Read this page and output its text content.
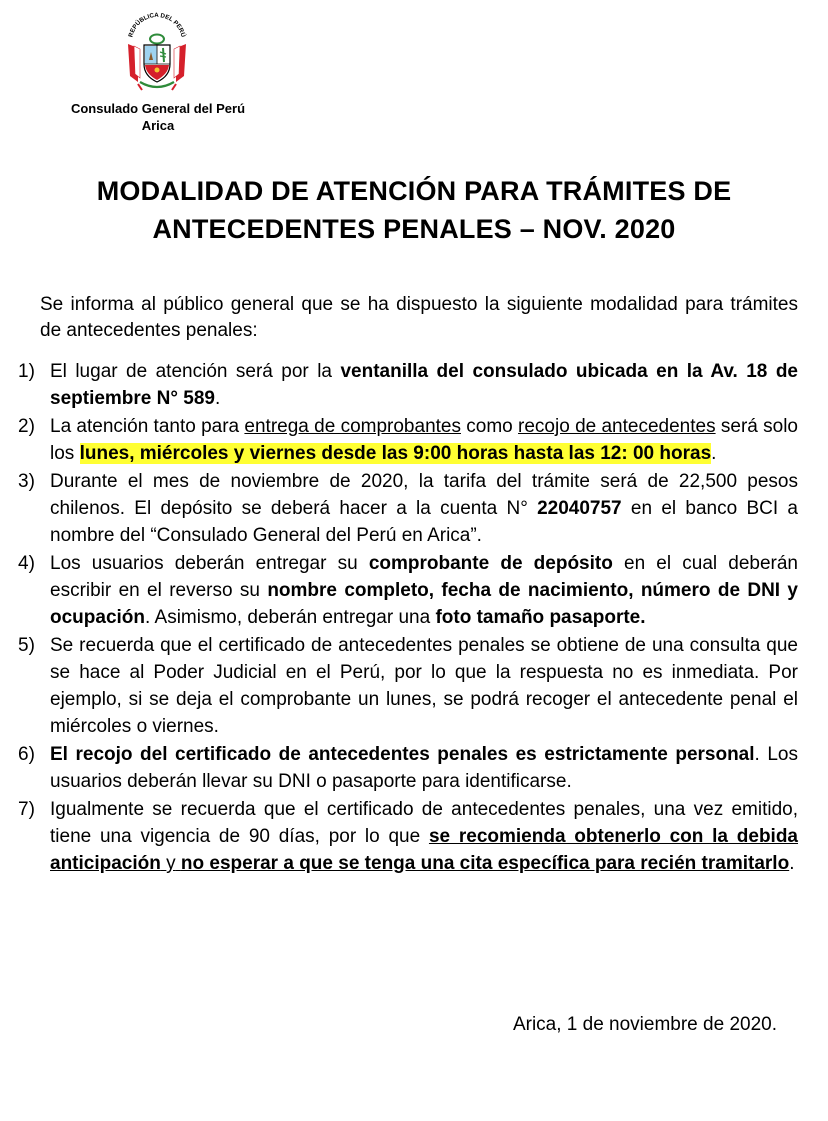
REPÚBLICA DEL PERÚ
Consulado General del Perú
Arica
MODALIDAD DE ATENCIÓN PARA TRÁMITES DE
ANTECEDENTES PENALES – NOV. 2020
Se informa al público general que se ha dispuesto la siguiente modalidad para trámites de antecedentes penales:
1) El lugar de atención será por la ventanilla del consulado ubicada en la Av. 18 de septiembre N° 589.
2) La atención tanto para entrega de comprobantes como recojo de antecedentes será solo los lunes, miércoles y viernes desde las 9:00 horas hasta las 12: 00 horas.
3) Durante el mes de noviembre de 2020, la tarifa del trámite será de 22,500 pesos chilenos. El depósito se deberá hacer a la cuenta N° 22040757 en el banco BCI a nombre del “Consulado General del Perú en Arica”.
4) Los usuarios deberán entregar su comprobante de depósito en el cual deberán escribir en el reverso su nombre completo, fecha de nacimiento, número de DNI y ocupación. Asimismo, deberán entregar una foto tamaño pasaporte.
5) Se recuerda que el certificado de antecedentes penales se obtiene de una consulta que se hace al Poder Judicial en el Perú, por lo que la respuesta no es inmediata. Por ejemplo, si se deja el comprobante un lunes, se podrá recoger el antecedente penal el miércoles o viernes.
6) El recojo del certificado de antecedentes penales es estrictamente personal. Los usuarios deberán llevar su DNI o pasaporte para identificarse.
7) Igualmente se recuerda que el certificado de antecedentes penales, una vez emitido, tiene una vigencia de 90 días, por lo que se recomienda obtenerlo con la debida anticipación y no esperar a que se tenga una cita específica para recién tramitarlo.
Arica, 1 de noviembre de 2020.
